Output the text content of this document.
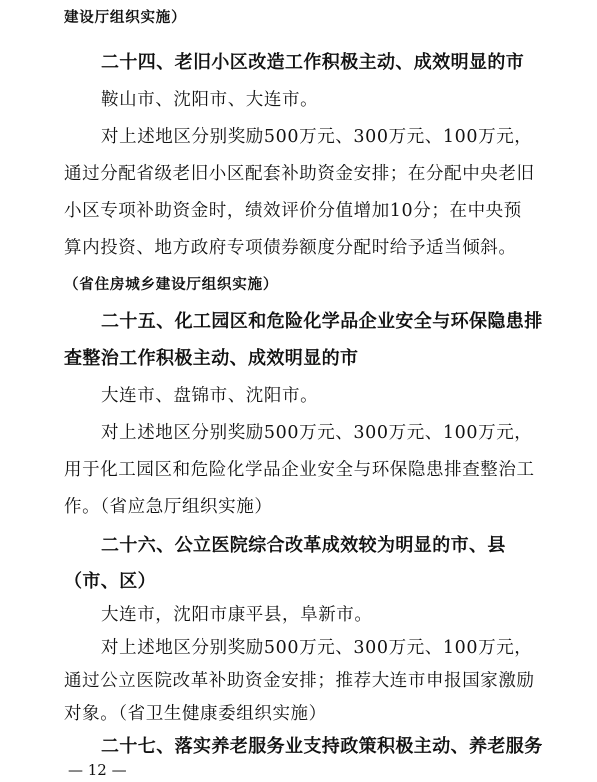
建设厅组织实施）
二十四、老旧小区改造工作积极主动、成效明显的市
鞍山市、沈阳市、大连市。
对上述地区分别奖励500万元、300万元、100万元，
通过分配省级老旧小区配套补助资金安排；在分配中央老旧
小区专项补助资金时，绩效评价分值增加10分；在中央预
算内投资、地方政府专项债券额度分配时给予适当倾斜。
（省住房城乡建设厅组织实施）
二十五、化工园区和危险化学品企业安全与环保隐患排
查整治工作积极主动、成效明显的市
大连市、盘锦市、沈阳市。
对上述地区分别奖励500万元、300万元、100万元，
用于化工园区和危险化学品企业安全与环保隐患排查整治工
作。（省应急厅组织实施）
二十六、公立医院综合改革成效较为明显的市、县
（市、区）
大连市，沈阳市康平县，阜新市。
对上述地区分别奖励500万元、300万元、100万元，
通过公立医院改革补助资金安排；推荐大连市申报国家激励
对象。（省卫生健康委组织实施）
二十七、落实养老服务业支持政策积极主动、养老服务
— 12 —
